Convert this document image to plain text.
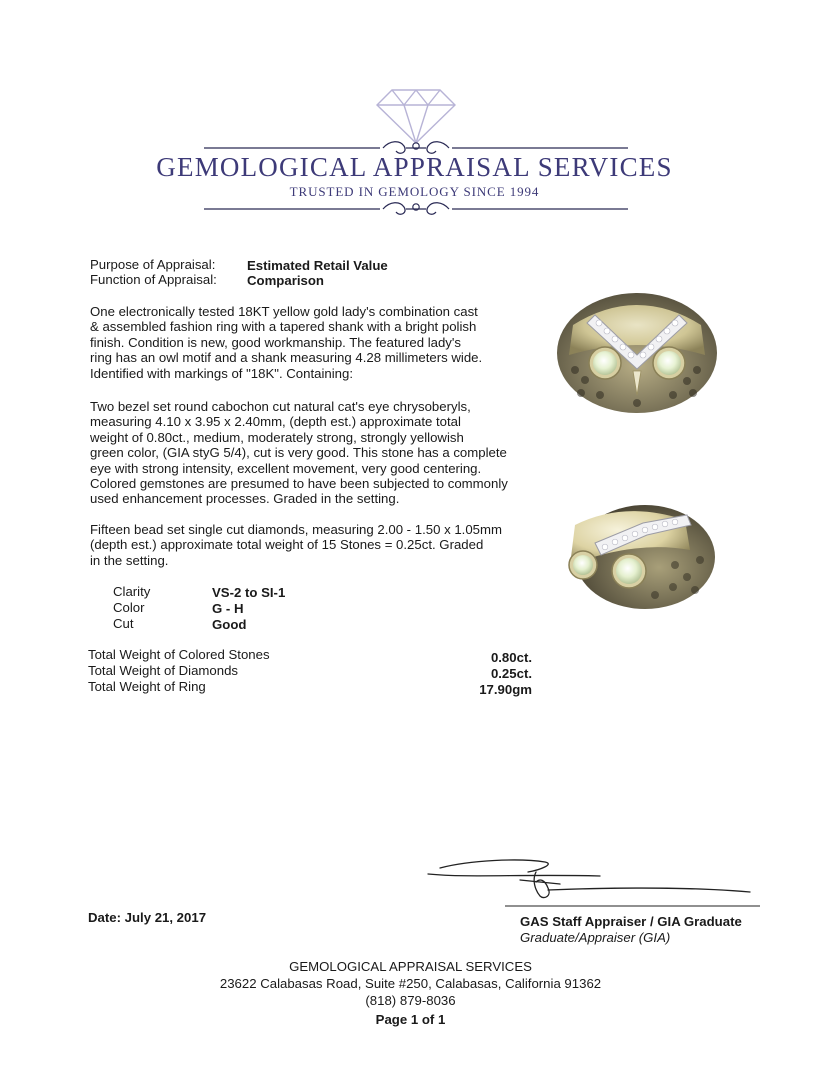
GEMOLOGICAL APPRAISAL SERVICES
TRUSTED IN GEMOLOGY SINCE 1994
Purpose of Appraisal: Estimated Retail Value
Function of Appraisal: Comparison
One electronically tested 18KT yellow gold lady's combination cast
& assembled fashion ring with a tapered shank with a bright polish
finish. Condition is new, good workmanship. The featured lady's
ring has an owl motif and a shank measuring 4.28 millimeters wide.
Identified with markings of "18K". Containing:
Two bezel set round cabochon cut natural cat's eye chrysoberyls,
measuring 4.10 x 3.95 x 2.40mm, (depth est.) approximate total
weight of 0.80ct., medium, moderately strong, strongly yellowish
green color, (GIA styG 5/4), cut is very good. This stone has a complete
eye with strong intensity, excellent movement, very good centering.
Colored gemstones are presumed to have been subjected to commonly
used enhancement processes. Graded in the setting.
Fifteen bead set single cut diamonds, measuring 2.00 - 1.50 x 1.05mm
(depth est.) approximate total weight of 15 Stones = 0.25ct. Graded
in the setting.
Clarity	VS-2 to SI-1
Color	G - H
Cut	Good
Total Weight of Colored Stones	0.80ct.
Total Weight of Diamonds	0.25ct.
Total Weight of Ring	17.90gm
Date: July 21, 2017	GAS Staff Appraiser / GIA Graduate
Graduate/Appraiser (GIA)
GEMOLOGICAL APPRAISAL SERVICES
23622 Calabasas Road, Suite #250, Calabasas, California 91362
(818) 879-8036
Page 1 of 1
